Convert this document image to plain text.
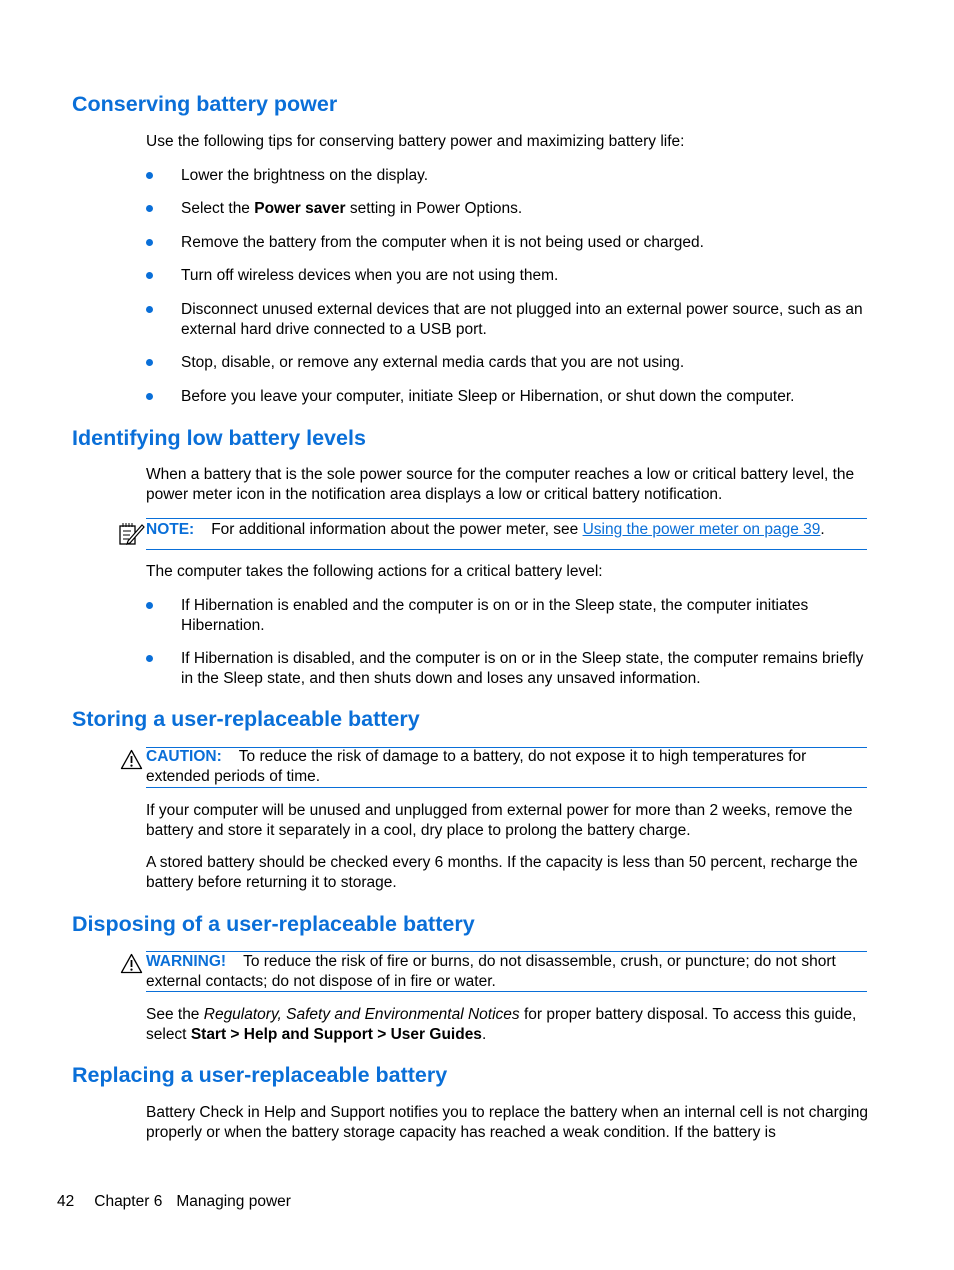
Conserving battery power

Use the following tips for conserving battery power and maximizing battery life:

Lower the brightness on the display.
Select the Power saver setting in Power Options.
Remove the battery from the computer when it is not being used or charged.
Turn off wireless devices when you are not using them.
Disconnect unused external devices that are not plugged into an external power source, such as an external hard drive connected to a USB port.
Stop, disable, or remove any external media cards that you are not using.
Before you leave your computer, initiate Sleep or Hibernation, or shut down the computer.
Identifying low battery levels

When a battery that is the sole power source for the computer reaches a low or critical battery level, the power meter icon in the notification area displays a low or critical battery notification.

NOTE: For additional information about the power meter, see Using the power meter on page 39.

The computer takes the following actions for a critical battery level:

If Hibernation is enabled and the computer is on or in the Sleep state, the computer initiates Hibernation.
If Hibernation is disabled, and the computer is on or in the Sleep state, the computer remains briefly in the Sleep state, and then shuts down and loses any unsaved information.
Storing a user-replaceable battery
CAUTION: To reduce the risk of damage to a battery, do not expose it to high temperatures for extended periods of time.

If your computer will be unused and unplugged from external power for more than 2 weeks, remove the battery and store it separately in a cool, dry place to prolong the battery charge.

A stored battery should be checked every 6 months. If the capacity is less than 50 percent, recharge the battery before returning it to storage.

Disposing of a user-replaceable battery
WARNING! To reduce the risk of fire or burns, do not disassemble, crush, or puncture; do not short external contacts; do not dispose of in fire or water.

See the Regulatory, Safety and Environmental Notices for proper battery disposal. To access this guide, select Start > Help and Support > User Guides.

Replacing a user-replaceable battery

Battery Check in Help and Support notifies you to replace the battery when an internal cell is not charging properly or when the battery storage capacity has reached a weak condition. If the battery is

42 Chapter 6 Managing power
